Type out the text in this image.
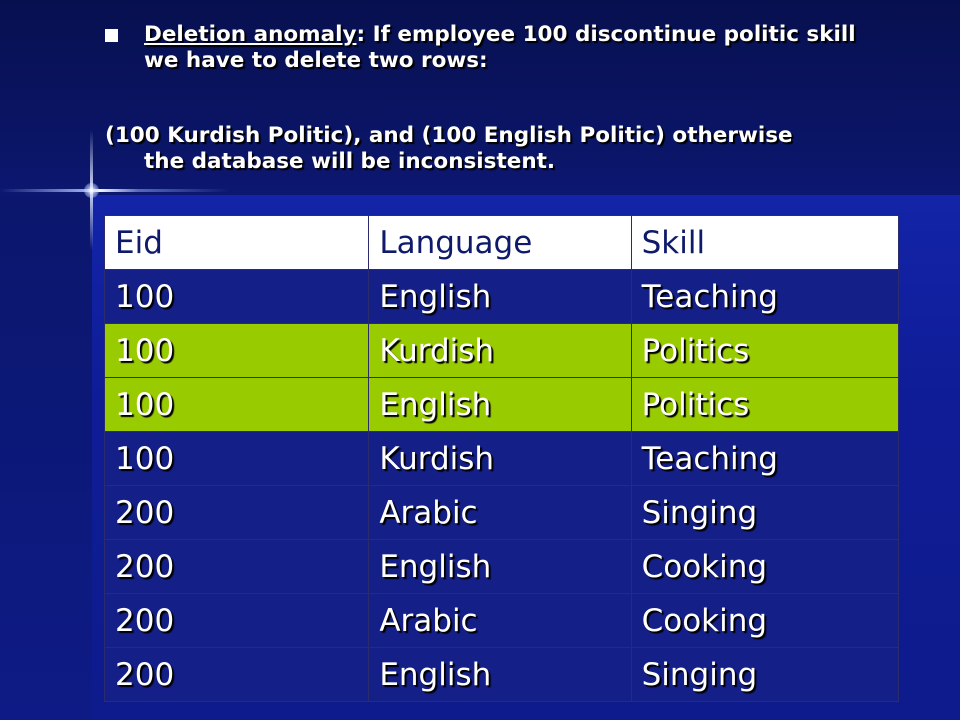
Deletion anomaly: If employee 100 discontinue politic skill we have to delete two rows:
(100 Kurdish Politic), and (100 English Politic) otherwise
the database will be inconsistent.
Eid	Language	Skill
100	English	Teaching
100	Kurdish	Politics
100	English	Politics
100	Kurdish	Teaching
200	Arabic	Singing
200	English	Cooking
200	Arabic	Cooking
200	English	Singing
